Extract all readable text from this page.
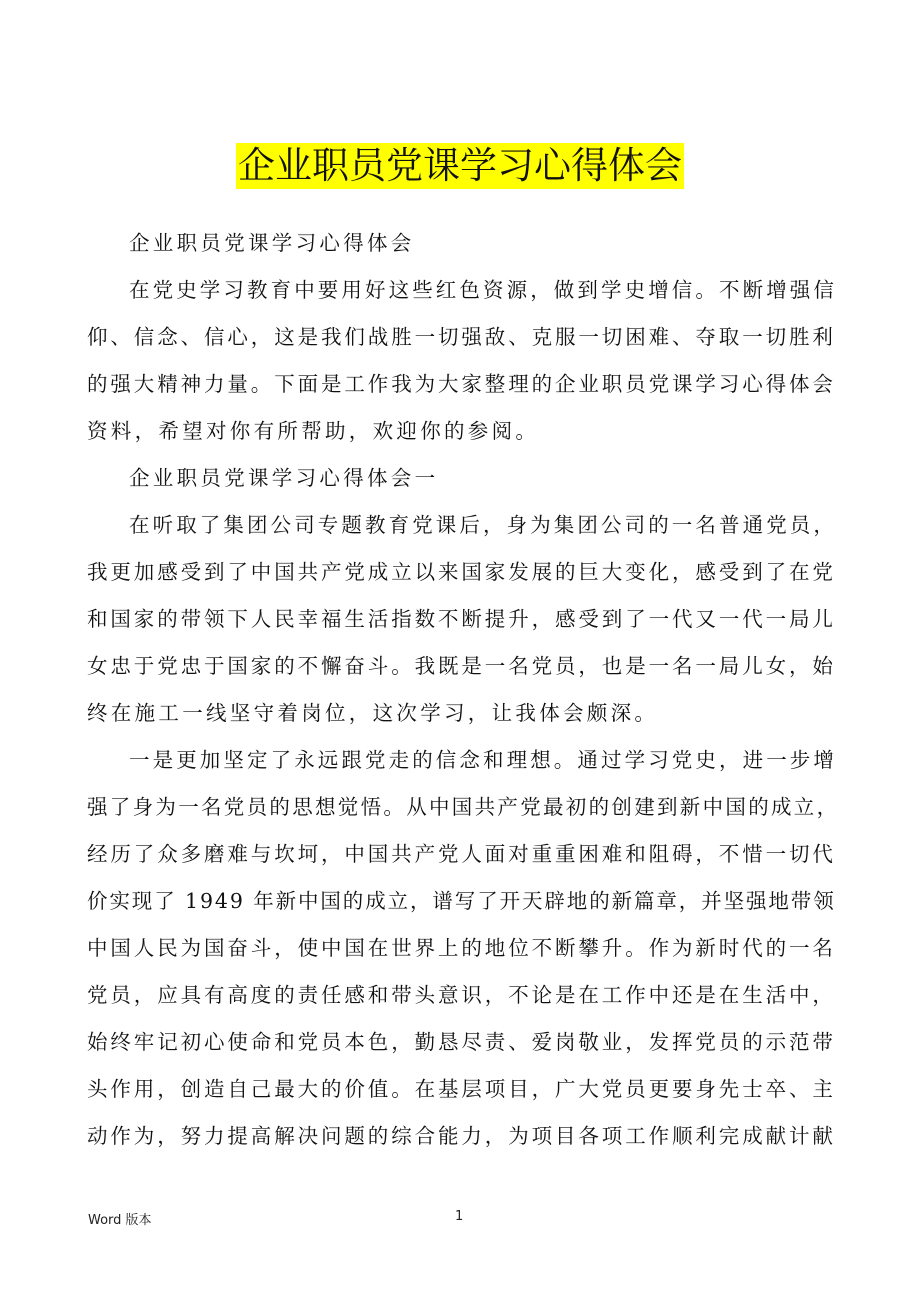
企业职员党课学习心得体会
企业职员党课学习心得体会
在党史学习教育中要用好这些红色资源，做到学史增信。不断增强信
仰、信念、信心，这是我们战胜一切强敌、克服一切困难、夺取一切胜利
的强大精神力量。下面是工作我为大家整理的企业职员党课学习心得体会
资料，希望对你有所帮助，欢迎你的参阅。
企业职员党课学习心得体会一
在听取了集团公司专题教育党课后，身为集团公司的一名普通党员，
我更加感受到了中国共产党成立以来国家发展的巨大变化，感受到了在党
和国家的带领下人民幸福生活指数不断提升，感受到了一代又一代一局儿
女忠于党忠于国家的不懈奋斗。我既是一名党员，也是一名一局儿女，始
终在施工一线坚守着岗位，这次学习，让我体会颇深。
一是更加坚定了永远跟党走的信念和理想。通过学习党史，进一步增
强了身为一名党员的思想觉悟。从中国共产党最初的创建到新中国的成立，
经历了众多磨难与坎坷，中国共产党人面对重重困难和阻碍，不惜一切代
价实现了 1949 年新中国的成立，谱写了开天辟地的新篇章，并坚强地带领
中国人民为国奋斗，使中国在世界上的地位不断攀升。作为新时代的一名
党员，应具有高度的责任感和带头意识，不论是在工作中还是在生活中，
始终牢记初心使命和党员本色，勤恳尽责、爱岗敬业，发挥党员的示范带
头作用，创造自己最大的价值。在基层项目，广大党员更要身先士卒、主
动作为，努力提高解决问题的综合能力，为项目各项工作顺利完成献计献
Word 版本	1
